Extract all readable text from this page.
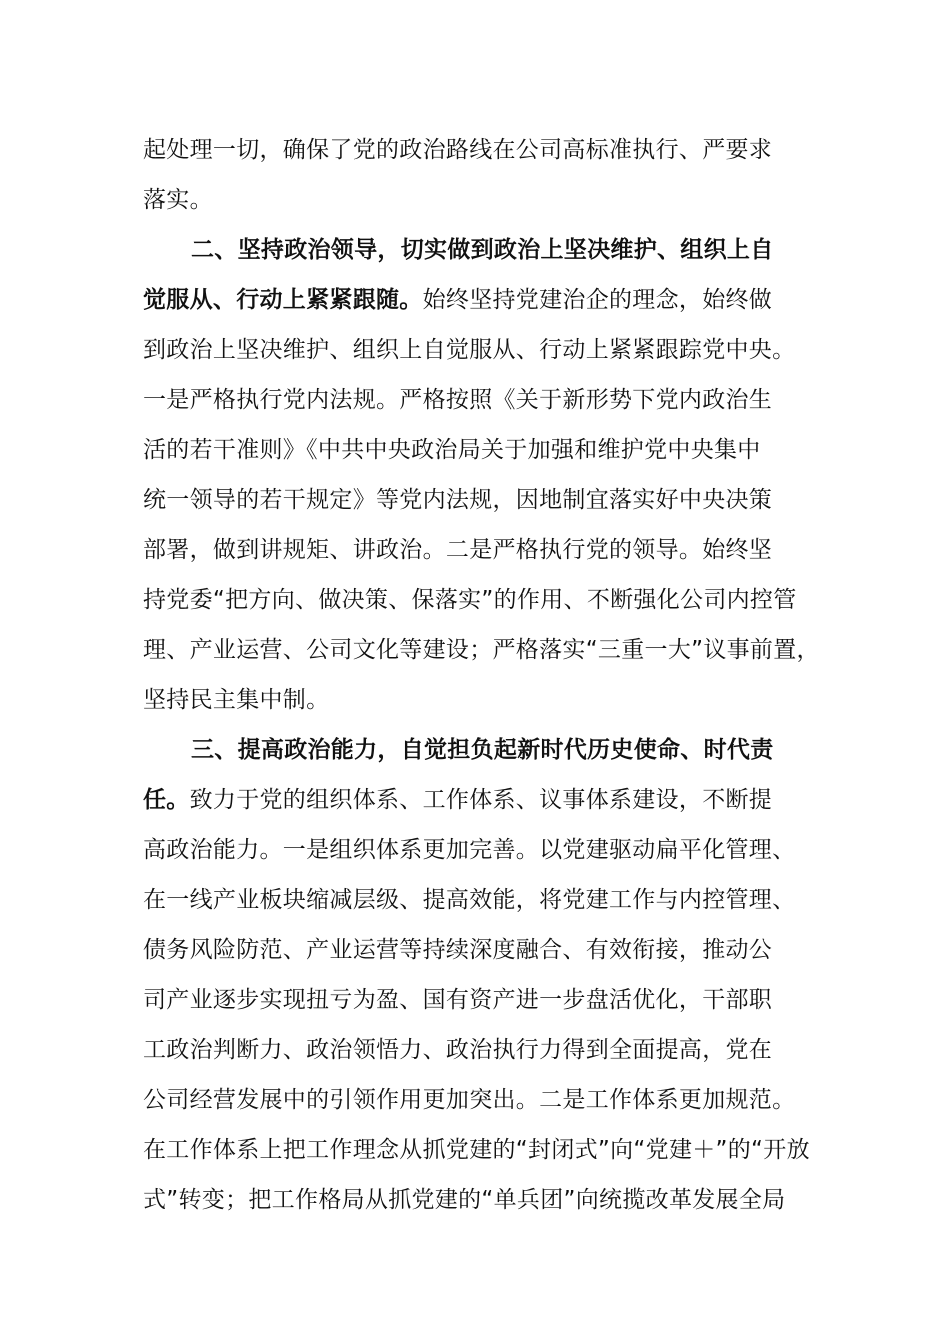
起处理一切，确保了党的政治路线在公司高标准执行、严要求
落实。
二、坚持政治领导，切实做到政治上坚决维护、组织上自
觉服从、行动上紧紧跟随。始终坚持党建治企的理念，始终做
到政治上坚决维护、组织上自觉服从、行动上紧紧跟踪党中央。
一是严格执行党内法规。严格按照《关于新形势下党内政治生
活的若干准则》《中共中央政治局关于加强和维护党中央集中
统一领导的若干规定》等党内法规，因地制宜落实好中央决策
部署，做到讲规矩、讲政治。二是严格执行党的领导。始终坚
持党委“把方向、做决策、保落实”的作用、不断强化公司内控管
理、产业运营、公司文化等建设；严格落实“三重一大”议事前置，
坚持民主集中制。
三、提高政治能力，自觉担负起新时代历史使命、时代责
任。致力于党的组织体系、工作体系、议事体系建设，不断提
高政治能力。一是组织体系更加完善。以党建驱动扁平化管理、
在一线产业板块缩减层级、提高效能，将党建工作与内控管理、
债务风险防范、产业运营等持续深度融合、有效衔接，推动公
司产业逐步实现扭亏为盈、国有资产进一步盘活优化，干部职
工政治判断力、政治领悟力、政治执行力得到全面提高，党在
公司经营发展中的引领作用更加突出。二是工作体系更加规范。
在工作体系上把工作理念从抓党建的“封闭式”向“党建＋”的“开放
式”转变；把工作格局从抓党建的“单兵团”向统揽改革发展全局
